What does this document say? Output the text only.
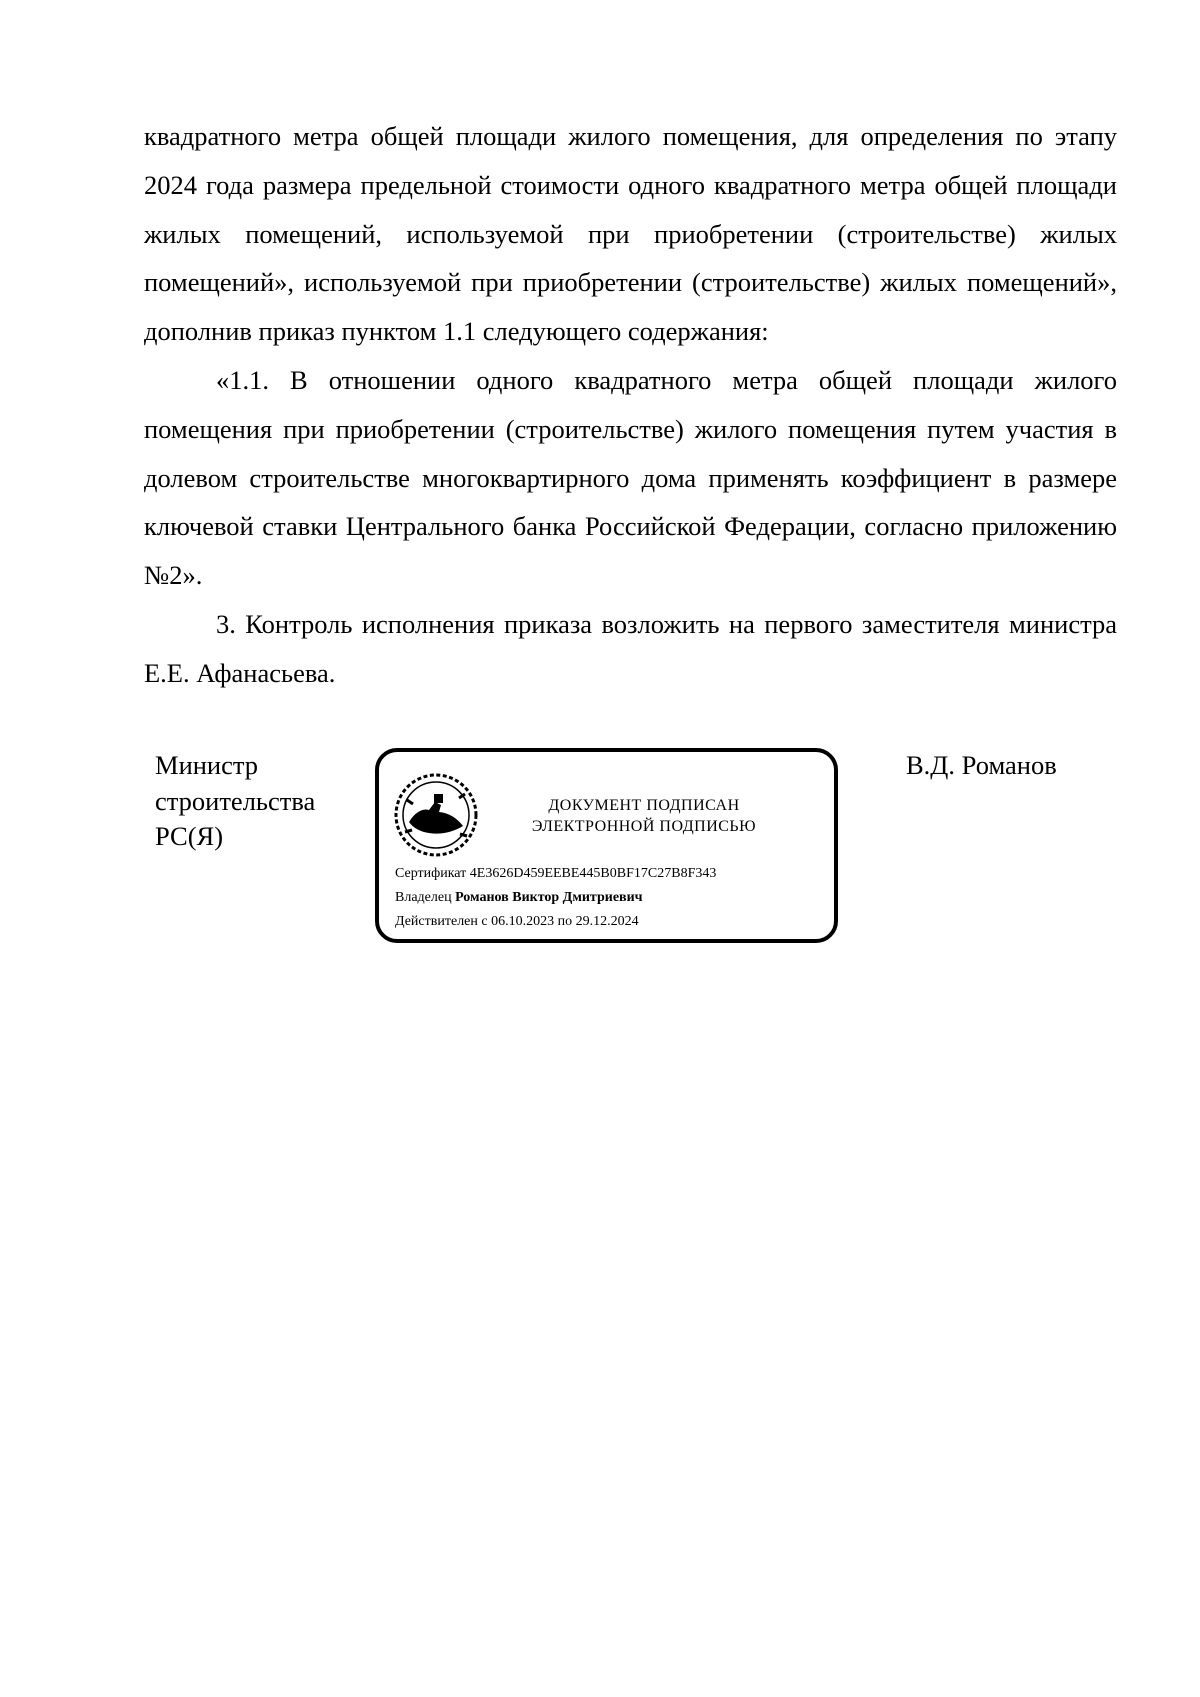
квадратного метра общей площади жилого помещения, для определения по этапу 2024 года размера предельной стоимости одного квадратного метра общей площади жилых помещений, используемой при приобретении (строительстве) жилых помещений», используемой при приобретении (строительстве) жилых помещений», дополнив приказ пунктом 1.1 следующего содержания:

«1.1. В отношении одного квадратного метра общей площади жилого помещения при приобретении (строительстве) жилого помещения путем участия в долевом строительстве многоквартирного дома применять коэффициент в размере ключевой ставки Центрального банка Российской Федерации, согласно приложению №2».

3. Контроль исполнения приказа возложить на первого заместителя министра Е.Е. Афанасьева.

Министр
строительства
РС(Я)
ДОКУМЕНТ ПОДПИСАН
ЭЛЕКТРОННОЙ ПОДПИСЬЮ
Сертификат 4E3626D459EEBE445B0BF17C27B8F343
Владелец Романов Виктор Дмитриевич
Действителен с 06.10.2023 по 29.12.2024
В.Д. Романов
